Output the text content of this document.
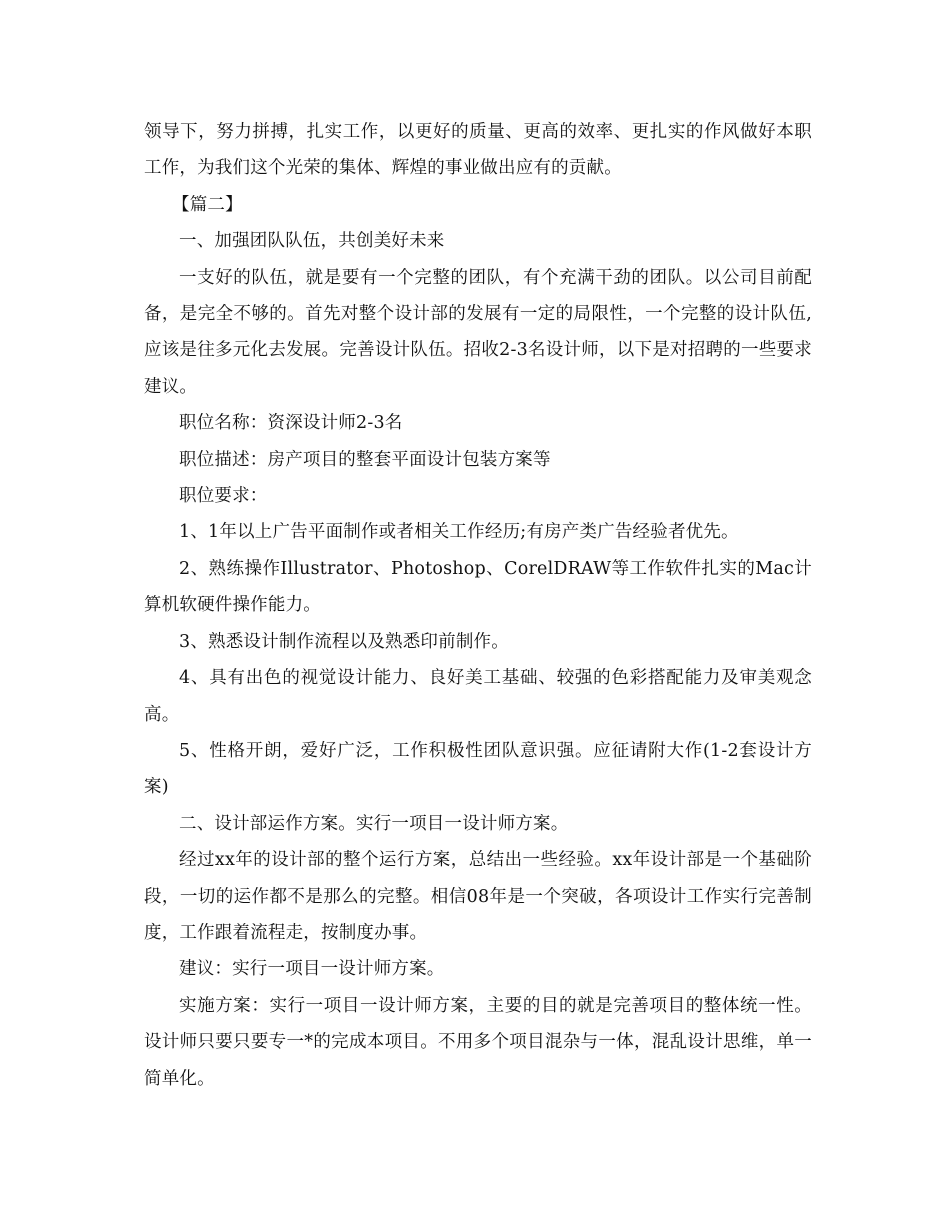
领导下，努力拼搏，扎实工作，以更好的质量、更高的效率、更扎实的作风做好本职工作，为我们这个光荣的集体、辉煌的事业做出应有的贡献。

【篇二】

一、加强团队队伍，共创美好未来

一支好的队伍，就是要有一个完整的团队，有个充满干劲的团队。以公司目前配备，是完全不够的。首先对整个设计部的发展有一定的局限性，一个完整的设计队伍,应该是往多元化去发展。完善设计队伍。招收2-3名设计师，以下是对招聘的一些要求建议。

职位名称：资深设计师2-3名

职位描述：房产项目的整套平面设计包装方案等

职位要求：

1、1年以上广告平面制作或者相关工作经历;有房产类广告经验者优先。

2、熟练操作Illustrator、Photoshop、CorelDRAW等工作软件扎实的Mac计算机软硬件操作能力。

3、熟悉设计制作流程以及熟悉印前制作。

4、具有出色的视觉设计能力、良好美工基础、较强的色彩搭配能力及审美观念高。

5、性格开朗，爱好广泛，工作积极性团队意识强。应征请附大作(1-2套设计方案)

二、设计部运作方案。实行一项目一设计师方案。

经过xx年的设计部的整个运行方案，总结出一些经验。xx年设计部是一个基础阶段，一切的运作都不是那么的完整。相信08年是一个突破，各项设计工作实行完善制度，工作跟着流程走，按制度办事。

建议：实行一项目一设计师方案。

实施方案：实行一项目一设计师方案，主要的目的就是完善项目的整体统一性。设计师只要只要专一*的完成本项目。不用多个项目混杂与一体，混乱设计思维，单一简单化。
